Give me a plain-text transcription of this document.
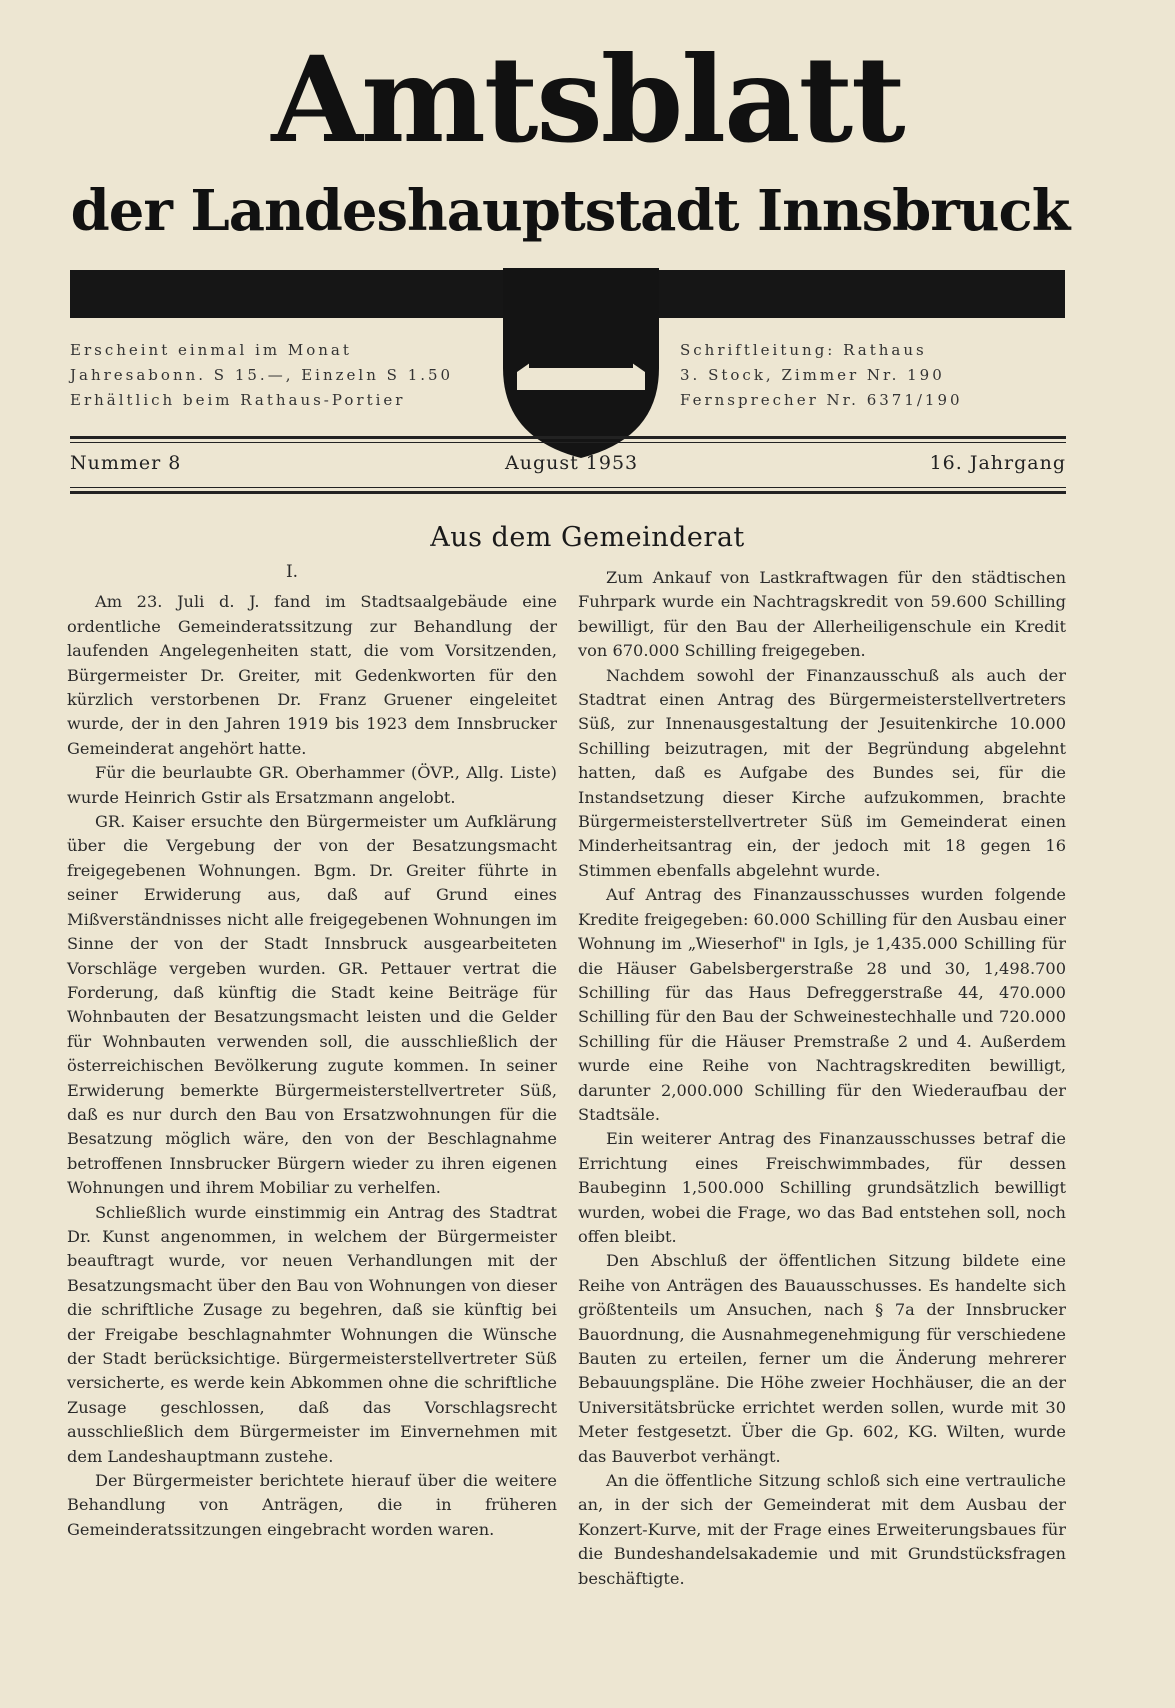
Amtsblatt
der Landeshauptstadt Innsbruck
Erscheint einmal im Monat
Jahresabonn. S 15.—, Einzeln S 1.50
Erhältlich beim Rathaus-Portier
Schriftleitung: Rathaus
3. Stock, Zimmer Nr. 190
Fernsprecher Nr. 6371/190
Nummer 8	August 1953	16. Jahrgang
Aus dem Gemeinderat
I.

Am 23. Juli d. J. fand im Stadtsaalgebäude eine ordentliche Gemeinderatssitzung zur Behandlung der laufenden Angelegenheiten statt, die vom Vorsitzenden, Bürgermeister Dr. Greiter, mit Gedenkworten für den kürzlich verstorbenen Dr. Franz Gruener eingeleitet wurde, der in den Jahren 1919 bis 1923 dem Innsbrucker Gemeinderat angehört hatte.

Für die beurlaubte GR. Oberhammer (ÖVP., Allg. Liste) wurde Heinrich Gstir als Ersatzmann angelobt.

GR. Kaiser ersuchte den Bürgermeister um Aufklärung über die Vergebung der von der Besatzungsmacht freigegebenen Wohnungen. Bgm. Dr. Greiter führte in seiner Erwiderung aus, daß auf Grund eines Mißverständnisses nicht alle freigegebenen Wohnungen im Sinne der von der Stadt Innsbruck ausgearbeiteten Vorschläge vergeben wurden. GR. Pettauer vertrat die Forderung, daß künftig die Stadt keine Beiträge für Wohnbauten der Besatzungsmacht leisten und die Gelder für Wohnbauten verwenden soll, die ausschließlich der österreichischen Bevölkerung zugute kommen. In seiner Erwiderung bemerkte Bürgermeisterstellvertreter Süß, daß es nur durch den Bau von Ersatzwohnungen für die Besatzung möglich wäre, den von der Beschlagnahme betroffenen Innsbrucker Bürgern wieder zu ihren eigenen Wohnungen und ihrem Mobiliar zu verhelfen.

Schließlich wurde einstimmig ein Antrag des Stadtrat Dr. Kunst angenommen, in welchem der Bürgermeister beauftragt wurde, vor neuen Verhandlungen mit der Besatzungsmacht über den Bau von Wohnungen von dieser die schriftliche Zusage zu begehren, daß sie künftig bei der Freigabe beschlagnahmter Wohnungen die Wünsche der Stadt berücksichtige. Bürgermeisterstellvertreter Süß versicherte, es werde kein Abkommen ohne die schriftliche Zusage geschlossen, daß das Vorschlagsrecht ausschließlich dem Bürgermeister im Einvernehmen mit dem Landeshauptmann zustehe.

Der Bürgermeister berichtete hierauf über die weitere Behandlung von Anträgen, die in früheren Gemeinderatssitzungen eingebracht worden waren.

Zum Ankauf von Lastkraftwagen für den städtischen Fuhrpark wurde ein Nachtragskredit von 59.600 Schilling bewilligt, für den Bau der Allerheiligenschule ein Kredit von 670.000 Schilling freigegeben.

Nachdem sowohl der Finanzausschuß als auch der Stadtrat einen Antrag des Bürgermeisterstellvertreters Süß, zur Innenausgestaltung der Jesuitenkirche 10.000 Schilling beizutragen, mit der Begründung abgelehnt hatten, daß es Aufgabe des Bundes sei, für die Instandsetzung dieser Kirche aufzukommen, brachte Bürgermeisterstellvertreter Süß im Gemeinderat einen Minderheitsantrag ein, der jedoch mit 18 gegen 16 Stimmen ebenfalls abgelehnt wurde.

Auf Antrag des Finanzausschusses wurden folgende Kredite freigegeben: 60.000 Schilling für den Ausbau einer Wohnung im „Wieserhof" in Igls, je 1,435.000 Schilling für die Häuser Gabelsbergerstraße 28 und 30, 1,498.700 Schilling für das Haus Defreggerstraße 44, 470.000 Schilling für den Bau der Schweinestechhalle und 720.000 Schilling für die Häuser Premstraße 2 und 4. Außerdem wurde eine Reihe von Nachtragskrediten bewilligt, darunter 2,000.000 Schilling für den Wiederaufbau der Stadtsäle.

Ein weiterer Antrag des Finanzausschusses betraf die Errichtung eines Freischwimmbades, für dessen Baubeginn 1,500.000 Schilling grundsätzlich bewilligt wurden, wobei die Frage, wo das Bad entstehen soll, noch offen bleibt.

Den Abschluß der öffentlichen Sitzung bildete eine Reihe von Anträgen des Bauausschusses. Es handelte sich größtenteils um Ansuchen, nach § 7a der Innsbrucker Bauordnung, die Ausnahmegenehmigung für verschiedene Bauten zu erteilen, ferner um die Änderung mehrerer Bebauungspläne. Die Höhe zweier Hochhäuser, die an der Universitätsbrücke errichtet werden sollen, wurde mit 30 Meter festgesetzt. Über die Gp. 602, KG. Wilten, wurde das Bauverbot verhängt.

An die öffentliche Sitzung schloß sich eine vertrauliche an, in der sich der Gemeinderat mit dem Ausbau der Konzert-Kurve, mit der Frage eines Erweiterungsbaues für die Bundeshandelsakademie und mit Grundstücksfragen beschäftigte.
